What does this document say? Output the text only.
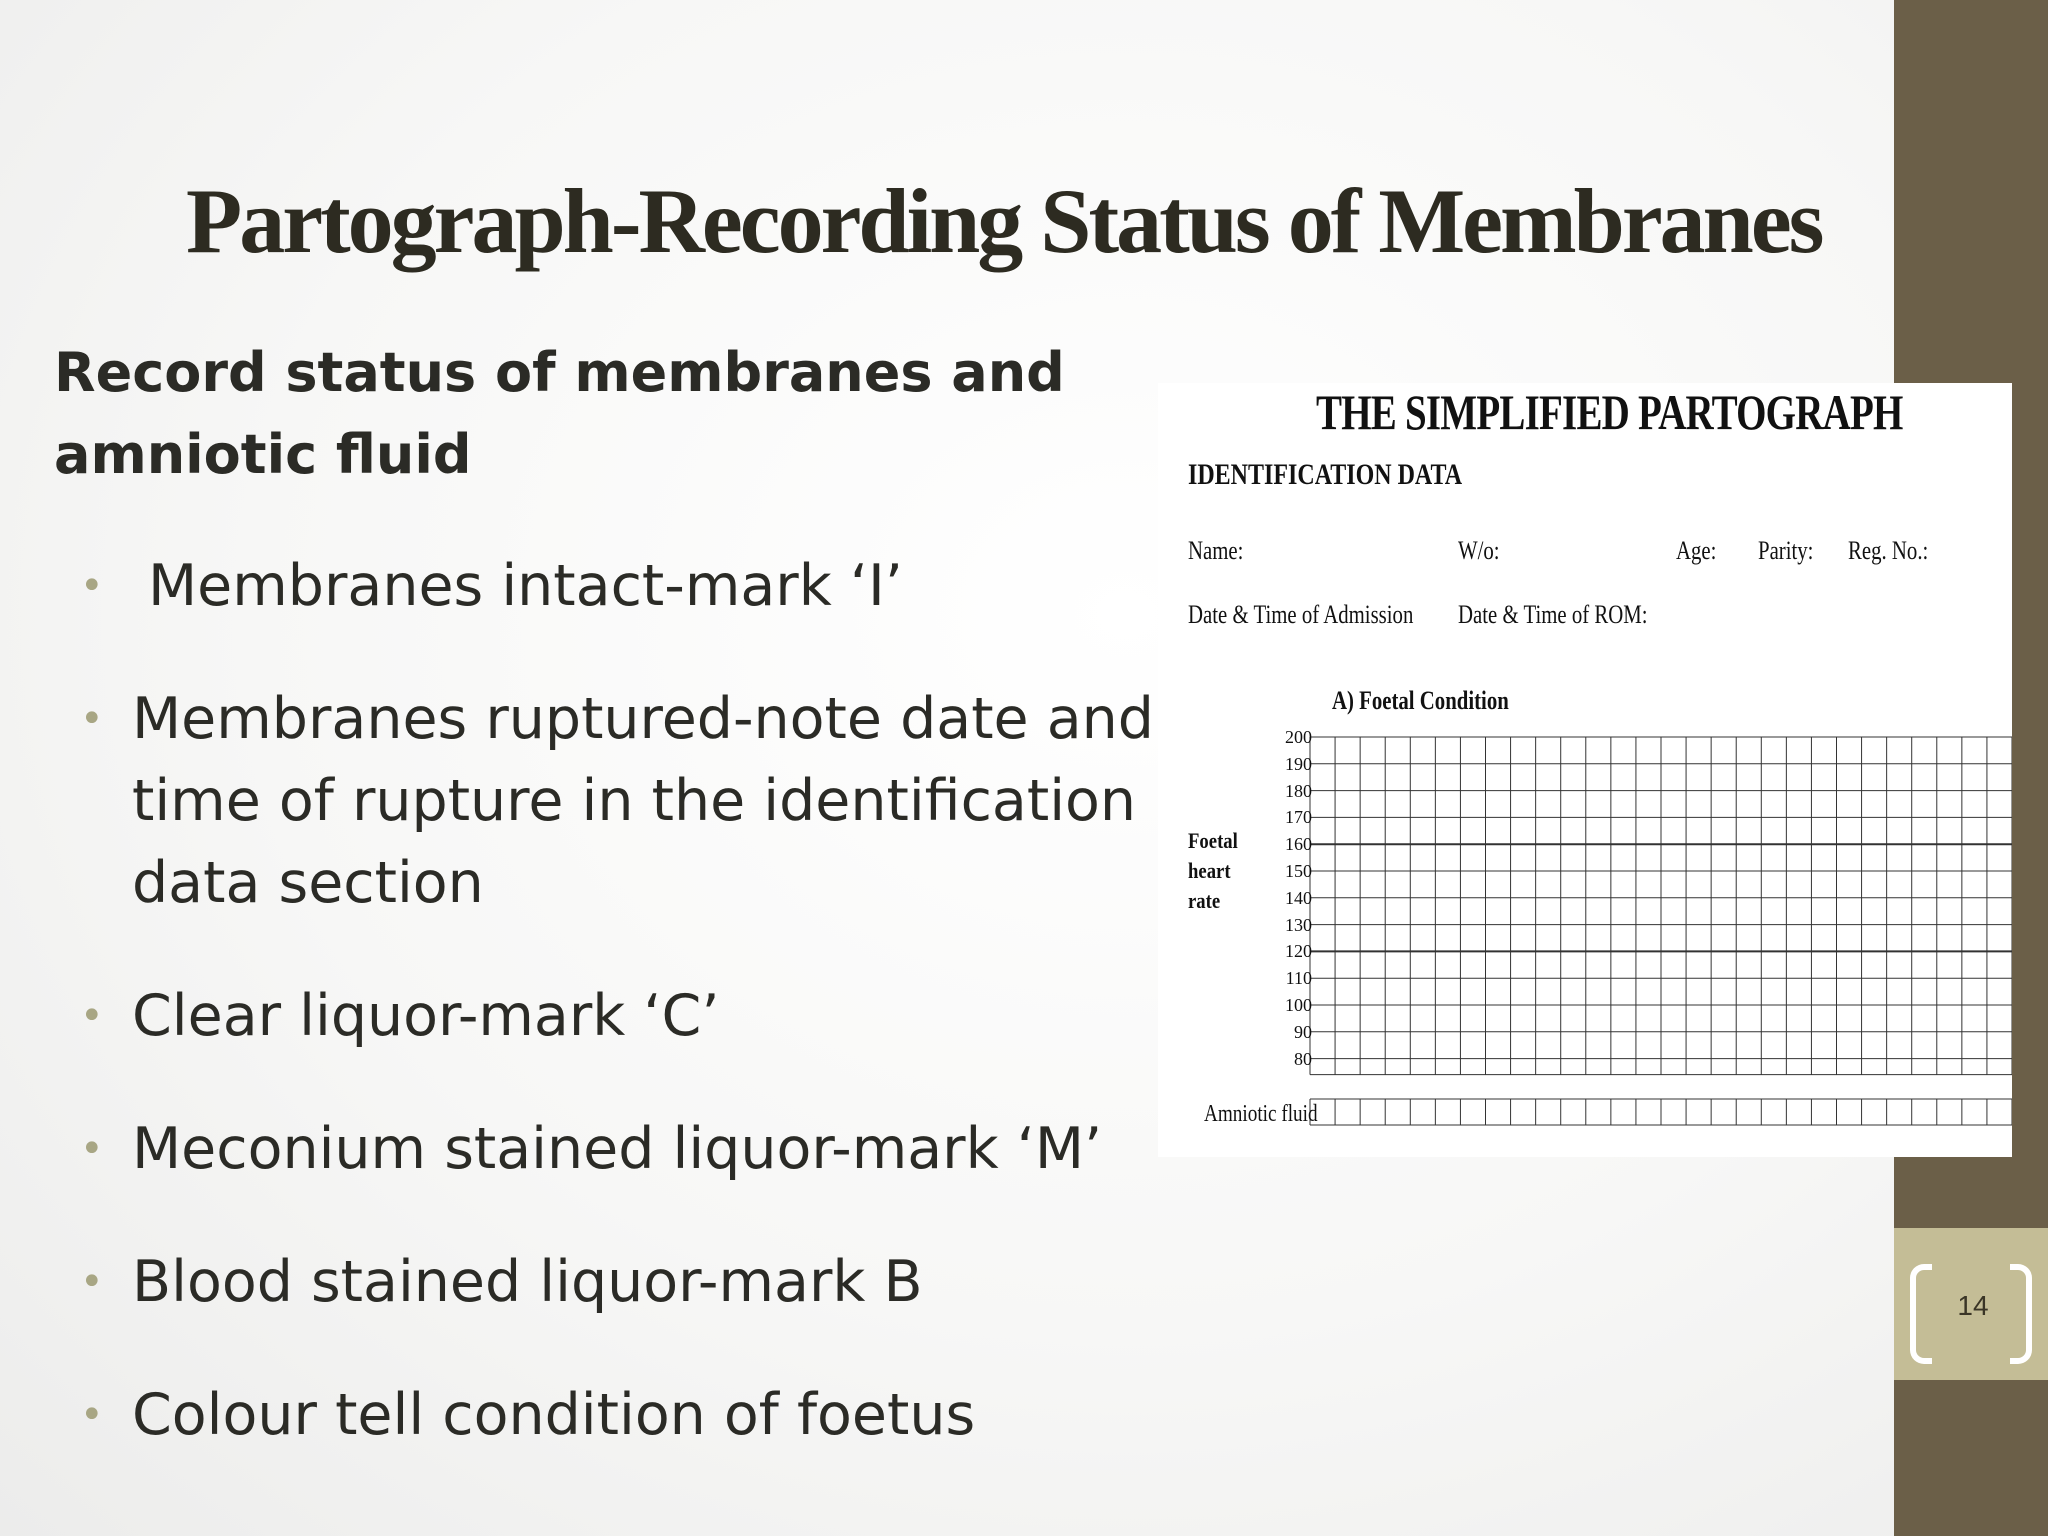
14
Partograph-Recording Status of Membranes

Record status of membranes and amniotic fluid

• Membranes intact-mark ‘I’
• Membranes ruptured-note date and time of rupture in the identification data section
• Clear liquor-mark ‘C’
• Meconium stained liquor-mark ‘M’
• Blood stained liquor-mark B
• Colour tell condition of foetus
THE SIMPLIFIED PARTOGRAPH
IDENTIFICATION DATA
Name:	W/o:	Age: Parity: Reg. No.:
Date & Time of Admission Date & Time of ROM:
A) Foetal Condition
Foetal
heart
rate
200
190
180
170
160
150
140
130
120
110
100
90
80
Amniotic fluid
